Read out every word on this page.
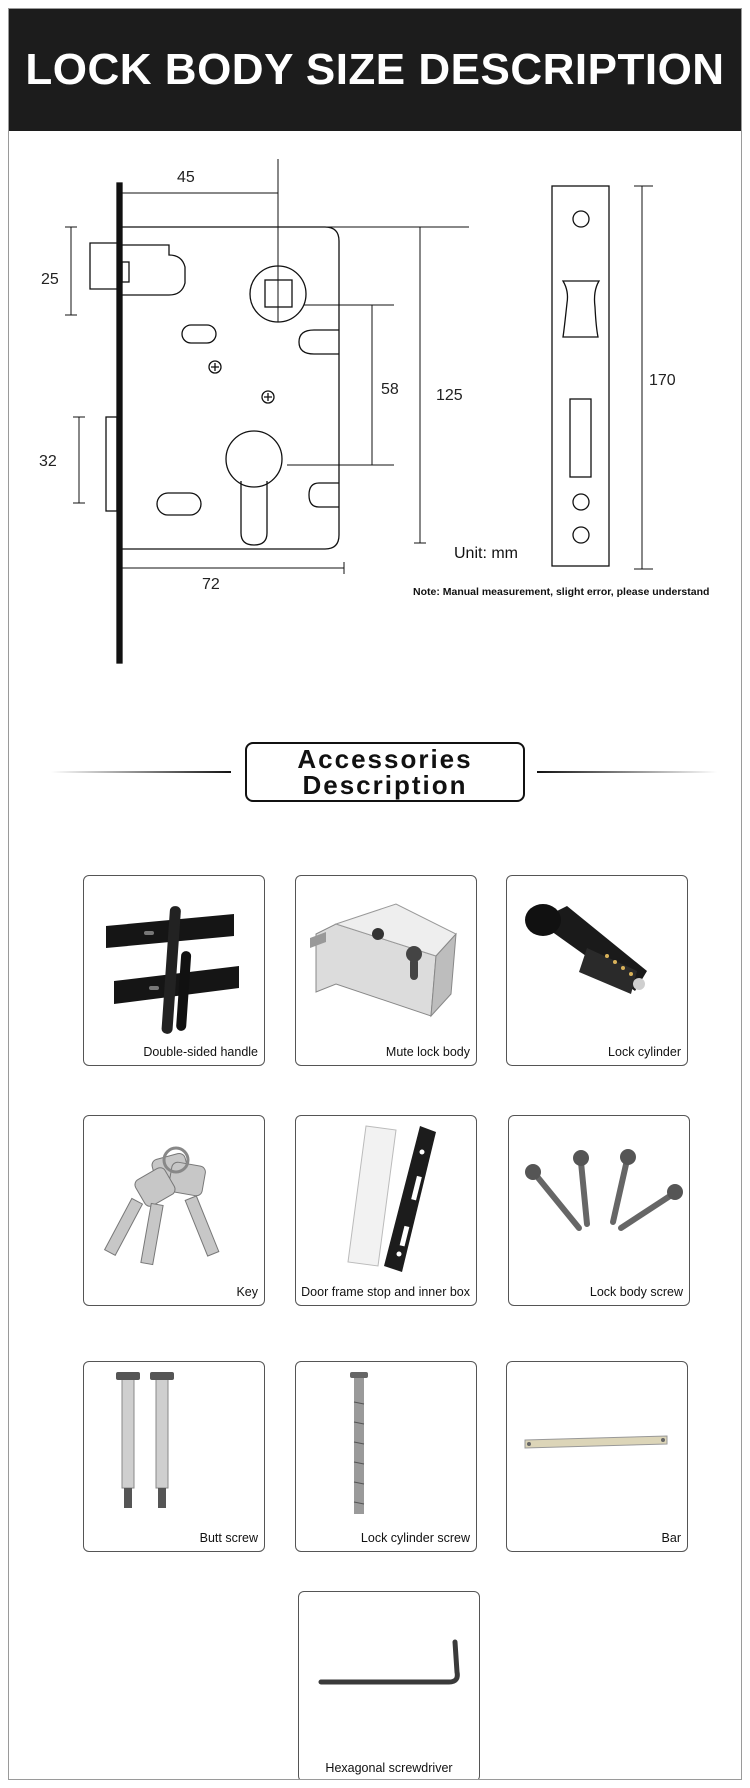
LOCK BODY SIZE DESCRIPTION
45
25
58 125
32
72
Unit: mm
Note: Manual measurement, slight error, please understand
170
Accessories
Description
Double-sided handle	Mute lock body	Lock cylinder
Key	Door frame stop and inner box	Lock body screw
Butt screw	Lock cylinder screw	Bar
Hexagonal screwdriver
